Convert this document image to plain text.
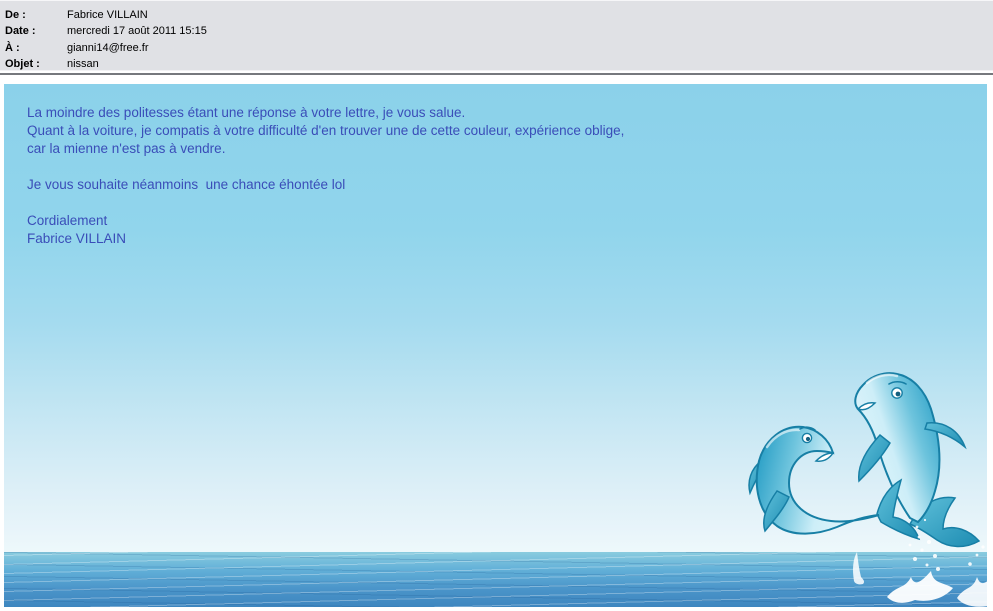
De :	Fabrice VILLAIN
Date :	mercredi 17 août 2011 15:15
À :	gianni14@free.fr
Objet :	nissan
La moindre des politesses étant une réponse à votre lettre, je vous salue.
Quant à la voiture, je compatis à votre difficulté d'en trouver une de cette couleur, expérience oblige,
car la mienne n'est pas à vendre.
Je vous souhaite néanmoins  une chance éhontée lol
Cordialement
Fabrice VILLAIN
